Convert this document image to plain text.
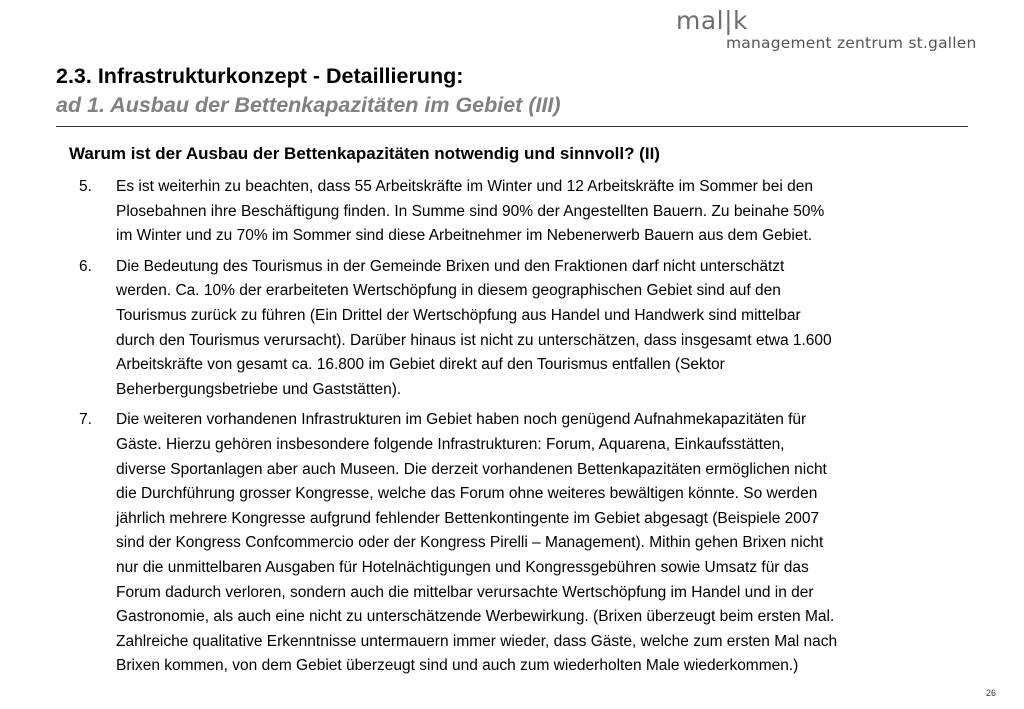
mal|k
management zentrum st.gallen
2.3. Infrastrukturkonzept - Detaillierung:
ad 1. Ausbau der Bettenkapazitäten im Gebiet (III)
Warum ist der Ausbau der Bettenkapazitäten notwendig und sinnvoll? (II)
5. Es ist weiterhin zu beachten, dass 55 Arbeitskräfte im Winter und 12 Arbeitskräfte im Sommer bei den
Plosebahnen ihre Beschäftigung finden. In Summe sind 90% der Angestellten Bauern. Zu beinahe 50%
im Winter und zu 70% im Sommer sind diese Arbeitnehmer im Nebenerwerb Bauern aus dem Gebiet.
6. Die Bedeutung des Tourismus in der Gemeinde Brixen und den Fraktionen darf nicht unterschätzt
werden. Ca. 10% der erarbeiteten Wertschöpfung in diesem geographischen Gebiet sind auf den
Tourismus zurück zu führen (Ein Drittel der Wertschöpfung aus Handel und Handwerk sind mittelbar
durch den Tourismus verursacht). Darüber hinaus ist nicht zu unterschätzen, dass insgesamt etwa 1.600
Arbeitskräfte von gesamt ca. 16.800 im Gebiet direkt auf den Tourismus entfallen (Sektor
Beherbergungsbetriebe und Gaststätten).
7. Die weiteren vorhandenen Infrastrukturen im Gebiet haben noch genügend Aufnahmekapazitäten für
Gäste. Hierzu gehören insbesondere folgende Infrastrukturen: Forum, Aquarena, Einkaufsstätten,
diverse Sportanlagen aber auch Museen. Die derzeit vorhandenen Bettenkapazitäten ermöglichen nicht
die Durchführung grosser Kongresse, welche das Forum ohne weiteres bewältigen könnte. So werden
jährlich mehrere Kongresse aufgrund fehlender Bettenkontingente im Gebiet abgesagt (Beispiele 2007
sind der Kongress Confcommercio oder der Kongress Pirelli – Management). Mithin gehen Brixen nicht
nur die unmittelbaren Ausgaben für Hotelnächtigungen und Kongressgebühren sowie Umsatz für das
Forum dadurch verloren, sondern auch die mittelbar verursachte Wertschöpfung im Handel und in der
Gastronomie, als auch eine nicht zu unterschätzende Werbewirkung. (Brixen überzeugt beim ersten Mal.
Zahlreiche qualitative Erkenntnisse untermauern immer wieder, dass Gäste, welche zum ersten Mal nach
Brixen kommen, von dem Gebiet überzeugt sind und auch zum wiederholten Male wiederkommen.)
26
